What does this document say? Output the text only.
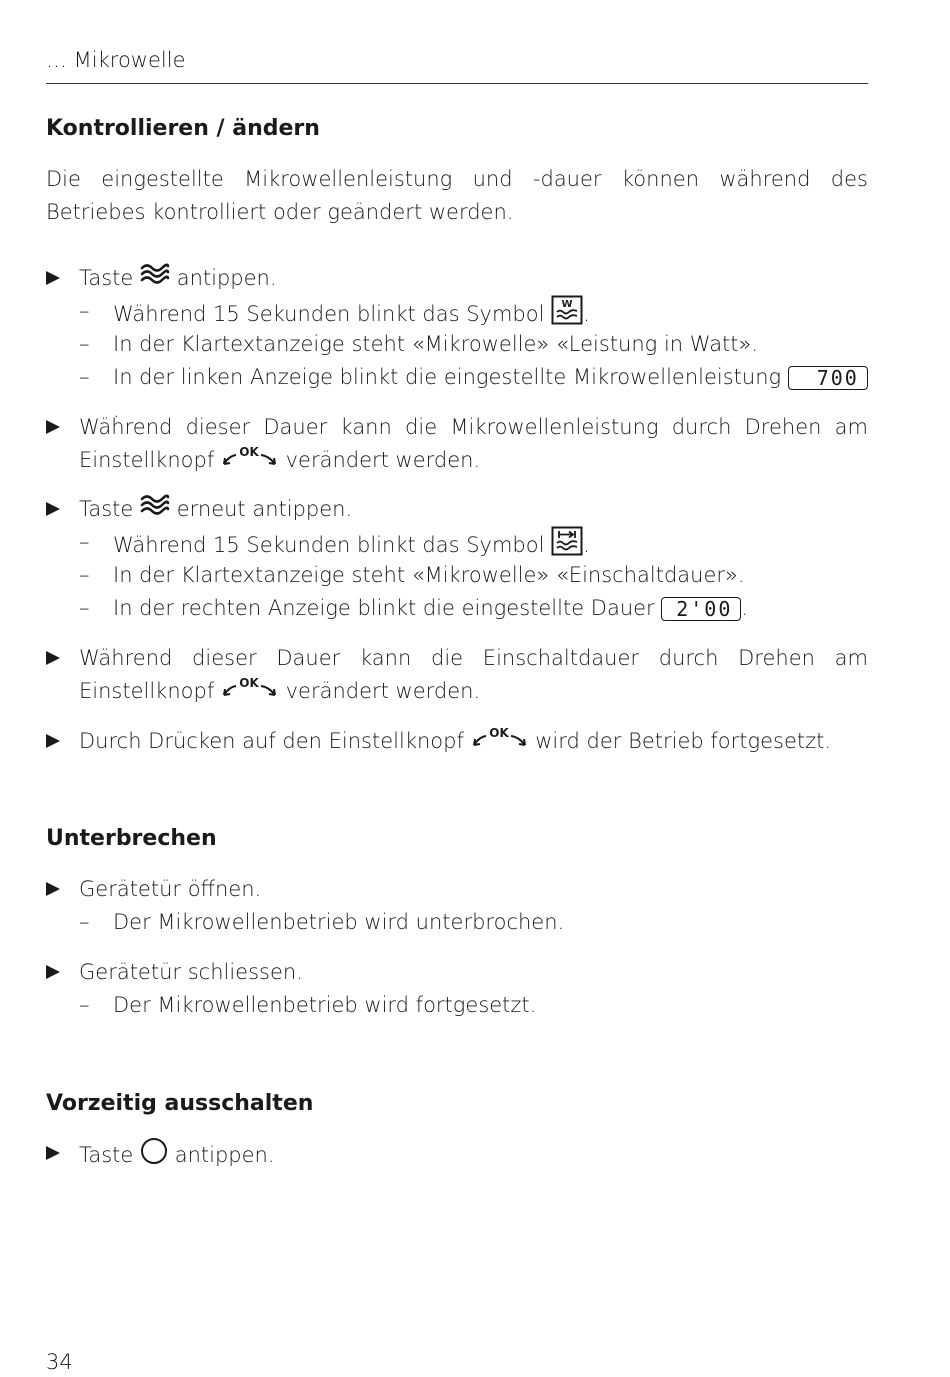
… Mikrowelle
Kontrollieren / ändern
Die eingestellte Mikrowellenleistung und -dauer können während des Betriebes kontrolliert oder geändert werden.
Taste antippen.
– Während 15 Sekunden blinkt das Symbol W .
– In der Klartextanzeige steht «Mikrowelle» «Leistung in Watt».
– In der linken Anzeige blinkt die eingestellte Mikrowellenleistung 700.
Während dieser Dauer kann die Mikrowellenleistung durch Drehen am Einstellknopf OK verändert werden.
Taste erneut antippen.
– Während 15 Sekunden blinkt das Symbol .
– In der Klartextanzeige steht «Mikrowelle» «Einschaltdauer».
– In der rechten Anzeige blinkt die eingestellte Dauer 2'00 .
Während dieser Dauer kann die Einschaltdauer durch Drehen am Einstellknopf OK verändert werden.
Durch Drücken auf den Einstellknopf OK wird der Betrieb fortgesetzt.
Unterbrechen
Gerätetür öffnen.
– Der Mikrowellenbetrieb wird unterbrochen.
Gerätetür schliessen.
– Der Mikrowellenbetrieb wird fortgesetzt.
Vorzeitig ausschalten
Taste antippen.
34
